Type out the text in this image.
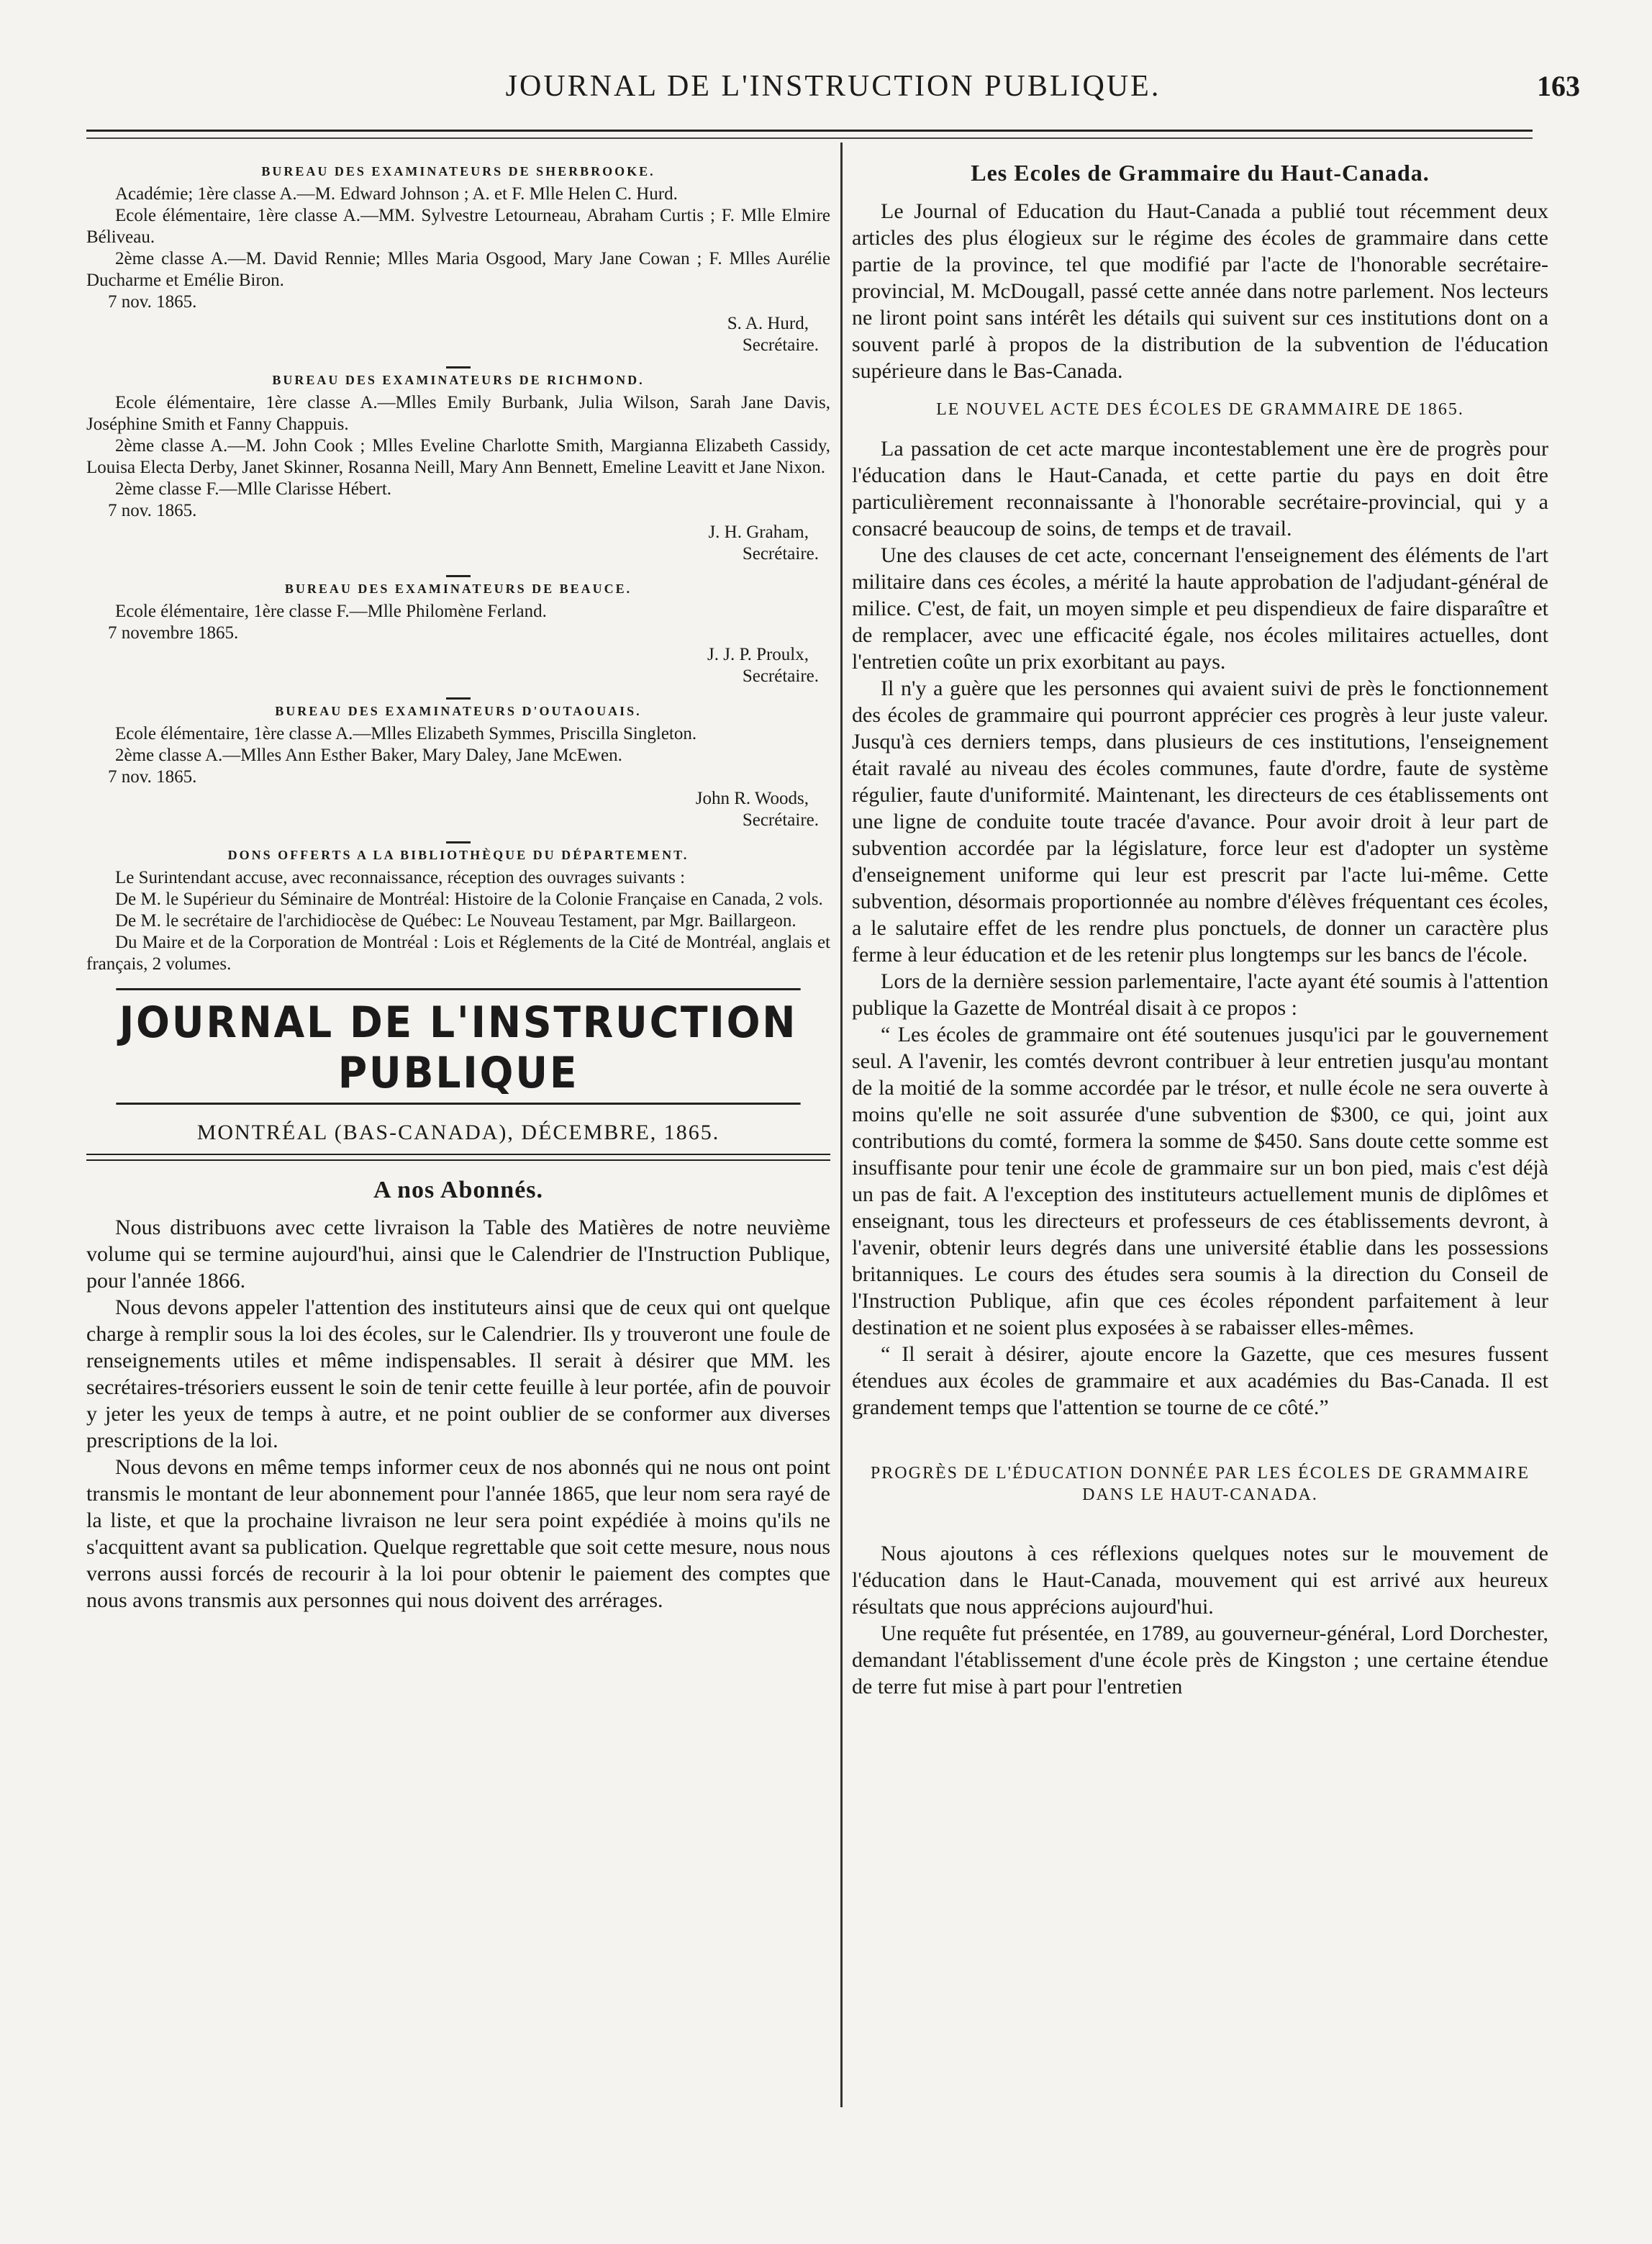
JOURNAL DE L'INSTRUCTION PUBLIQUE.	163
BUREAU DES EXAMINATEURS DE SHERBROOKE.

Académie; 1ère classe A.—M. Edward Johnson ; A. et F. Mlle Helen C. Hurd.

Ecole élémentaire, 1ère classe A.—MM. Sylvestre Letourneau, Abraham Curtis ; F. Mlle Elmire Béliveau.

2ème classe A.—M. David Rennie; Mlles Maria Osgood, Mary Jane Cowan ; F. Mlles Aurélie Ducharme et Emélie Biron.

7 nov. 1865.
S. A. Hurd,
Secrétaire.
BUREAU DES EXAMINATEURS DE RICHMOND.

Ecole élémentaire, 1ère classe A.—Mlles Emily Burbank, Julia Wilson, Sarah Jane Davis, Joséphine Smith et Fanny Chappuis.

2ème classe A.—M. John Cook ; Mlles Eveline Charlotte Smith, Margianna Elizabeth Cassidy, Louisa Electa Derby, Janet Skinner, Rosanna Neill, Mary Ann Bennett, Emeline Leavitt et Jane Nixon.

2ème classe F.—Mlle Clarisse Hébert.

7 nov. 1865.
J. H. Graham,
Secrétaire.
BUREAU DES EXAMINATEURS DE BEAUCE.

Ecole élémentaire, 1ère classe F.—Mlle Philomène Ferland.

7 novembre 1865.
J. J. P. Proulx,
Secrétaire.
BUREAU DES EXAMINATEURS D'OUTAOUAIS.

Ecole élémentaire, 1ère classe A.—Mlles Elizabeth Symmes, Priscilla Singleton.

2ème classe A.—Mlles Ann Esther Baker, Mary Daley, Jane McEwen.

7 nov. 1865.
John R. Woods,
Secrétaire.
DONS OFFERTS A LA BIBLIOTHÈQUE DU DÉPARTEMENT.

Le Surintendant accuse, avec reconnaissance, réception des ouvrages suivants :

De M. le Supérieur du Séminaire de Montréal: Histoire de la Colonie Française en Canada, 2 vols.

De M. le secrétaire de l'archidiocèse de Québec: Le Nouveau Testament, par Mgr. Baillargeon.

Du Maire et de la Corporation de Montréal : Lois et Réglements de la Cité de Montréal, anglais et français, 2 volumes.

JOURNAL DE L'INSTRUCTION PUBLIQUE
MONTRÉAL (BAS-CANADA), DÉCEMBRE, 1865.
A nos Abonnés.

Nous distribuons avec cette livraison la Table des Matières de notre neuvième volume qui se termine aujourd'hui, ainsi que le Calendrier de l'Instruction Publique, pour l'année 1866.

Nous devons appeler l'attention des instituteurs ainsi que de ceux qui ont quelque charge à remplir sous la loi des écoles, sur le Calendrier. Ils y trouveront une foule de renseignements utiles et même indispensables. Il serait à désirer que MM. les secrétaires-trésoriers eussent le soin de tenir cette feuille à leur portée, afin de pouvoir y jeter les yeux de temps à autre, et ne point oublier de se conformer aux diverses prescriptions de la loi.

Nous devons en même temps informer ceux de nos abonnés qui ne nous ont point transmis le montant de leur abonnement pour l'année 1865, que leur nom sera rayé de la liste, et que la prochaine livraison ne leur sera point expédiée à moins qu'ils ne s'acquittent avant sa publication. Quelque regrettable que soit cette mesure, nous nous verrons aussi forcés de recourir à la loi pour obtenir le paiement des comptes que nous avons transmis aux personnes qui nous doivent des arrérages.

Les Ecoles de Grammaire du Haut-Canada.

Le Journal of Education du Haut-Canada a publié tout récemment deux articles des plus élogieux sur le régime des écoles de grammaire dans cette partie de la province, tel que modifié par l'acte de l'honorable secrétaire-provincial, M. McDougall, passé cette année dans notre parlement. Nos lecteurs ne liront point sans intérêt les détails qui suivent sur ces institutions dont on a souvent parlé à propos de la distribution de la subvention de l'éducation supérieure dans le Bas-Canada.

LE NOUVEL ACTE DES ÉCOLES DE GRAMMAIRE DE 1865.

La passation de cet acte marque incontestablement une ère de progrès pour l'éducation dans le Haut-Canada, et cette partie du pays en doit être particulièrement reconnaissante à l'honorable secrétaire-provincial, qui y a consacré beaucoup de soins, de temps et de travail.

Une des clauses de cet acte, concernant l'enseignement des éléments de l'art militaire dans ces écoles, a mérité la haute approbation de l'adjudant-général de milice. C'est, de fait, un moyen simple et peu dispendieux de faire disparaître et de remplacer, avec une efficacité égale, nos écoles militaires actuelles, dont l'entretien coûte un prix exorbitant au pays.

Il n'y a guère que les personnes qui avaient suivi de près le fonctionnement des écoles de grammaire qui pourront apprécier ces progrès à leur juste valeur. Jusqu'à ces derniers temps, dans plusieurs de ces institutions, l'enseignement était ravalé au niveau des écoles communes, faute d'ordre, faute de système régulier, faute d'uniformité. Maintenant, les directeurs de ces établissements ont une ligne de conduite toute tracée d'avance. Pour avoir droit à leur part de subvention accordée par la législature, force leur est d'adopter un système d'enseignement uniforme qui leur est prescrit par l'acte lui-même. Cette subvention, désormais proportionnée au nombre d'élèves fréquentant ces écoles, a le salutaire effet de les rendre plus ponctuels, de donner un caractère plus ferme à leur éducation et de les retenir plus longtemps sur les bancs de l'école.

Lors de la dernière session parlementaire, l'acte ayant été soumis à l'attention publique la Gazette de Montréal disait à ce propos :

“ Les écoles de grammaire ont été soutenues jusqu'ici par le gouvernement seul. A l'avenir, les comtés devront contribuer à leur entretien jusqu'au montant de la moitié de la somme accordée par le trésor, et nulle école ne sera ouverte à moins qu'elle ne soit assurée d'une subvention de $300, ce qui, joint aux contributions du comté, formera la somme de $450. Sans doute cette somme est insuffisante pour tenir une école de grammaire sur un bon pied, mais c'est déjà un pas de fait. A l'exception des instituteurs actuellement munis de diplômes et enseignant, tous les directeurs et professeurs de ces établissements devront, à l'avenir, obtenir leurs degrés dans une université établie dans les possessions britanniques. Le cours des études sera soumis à la direction du Conseil de l'Instruction Publique, afin que ces écoles répondent parfaitement à leur destination et ne soient plus exposées à se rabaisser elles-mêmes.

“ Il serait à désirer, ajoute encore la Gazette, que ces mesures fussent étendues aux écoles de grammaire et aux académies du Bas-Canada. Il est grandement temps que l'attention se tourne de ce côté.”

PROGRÈS DE L'ÉDUCATION DONNÉE PAR LES ÉCOLES DE GRAMMAIRE DANS LE HAUT-CANADA.

Nous ajoutons à ces réflexions quelques notes sur le mouvement de l'éducation dans le Haut-Canada, mouvement qui est arrivé aux heureux résultats que nous apprécions aujourd'hui.

Une requête fut présentée, en 1789, au gouverneur-général, Lord Dorchester, demandant l'établissement d'une école près de Kingston ; une certaine étendue de terre fut mise à part pour l'entretien
